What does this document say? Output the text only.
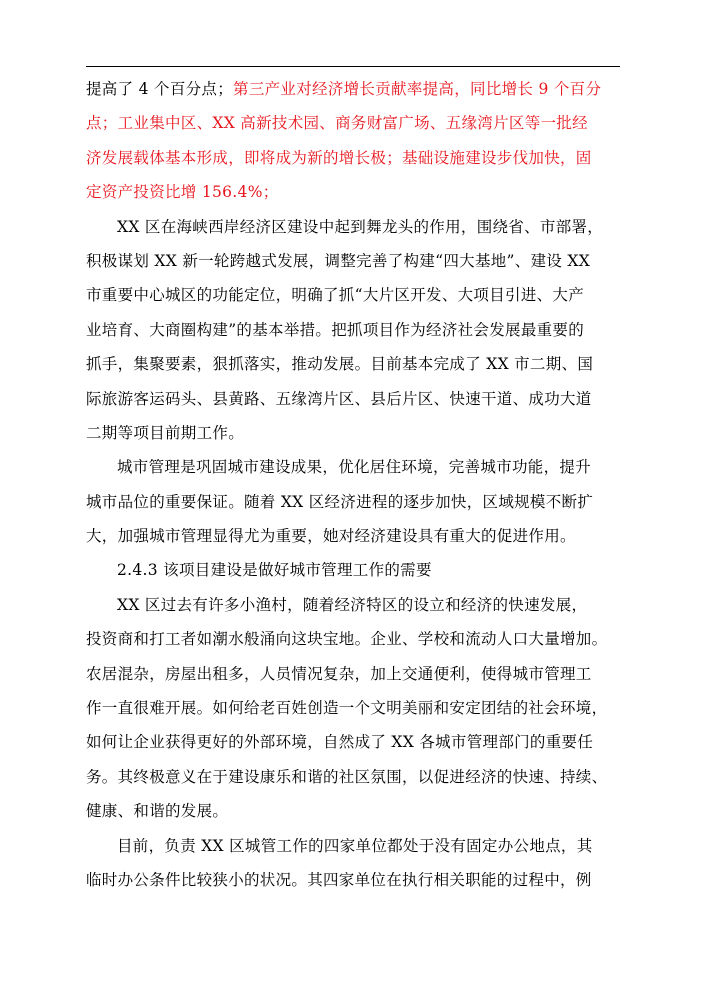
提高了 4 个百分点；第三产业对经济增长贡献率提高，同比增长 9 个百分
点；工业集中区、XX 高新技术园、商务财富广场、五缘湾片区等一批经
济发展载体基本形成，即将成为新的增长极；基础设施建设步伐加快，固
定资产投资比增 156.4%；
XX 区在海峡西岸经济区建设中起到舞龙头的作用，围绕省、市部署，
积极谋划 XX 新一轮跨越式发展，调整完善了构建“四大基地”、建设 XX
市重要中心城区的功能定位，明确了抓“大片区开发、大项目引进、大产
业培育、大商圈构建”的基本举措。把抓项目作为经济社会发展最重要的
抓手，集聚要素，狠抓落实，推动发展。目前基本完成了 XX 市二期、国
际旅游客运码头、县黄路、五缘湾片区、县后片区、快速干道、成功大道
二期等项目前期工作。
城市管理是巩固城市建设成果，优化居住环境，完善城市功能，提升
城市品位的重要保证。随着 XX 区经济进程的逐步加快，区域规模不断扩
大，加强城市管理显得尤为重要，她对经济建设具有重大的促进作用。
2.4.3 该项目建设是做好城市管理工作的需要
XX 区过去有许多小渔村，随着经济特区的设立和经济的快速发展，
投资商和打工者如潮水般涌向这块宝地。企业、学校和流动人口大量增加。
农居混杂，房屋出租多，人员情况复杂，加上交通便利，使得城市管理工
作一直很难开展。如何给老百姓创造一个文明美丽和安定团结的社会环境，
如何让企业获得更好的外部环境，自然成了 XX 各城市管理部门的重要任
务。其终极意义在于建设康乐和谐的社区氛围，以促进经济的快速、持续、
健康、和谐的发展。
目前，负责 XX 区城管工作的四家单位都处于没有固定办公地点，其
临时办公条件比较狭小的状况。其四家单位在执行相关职能的过程中，例
